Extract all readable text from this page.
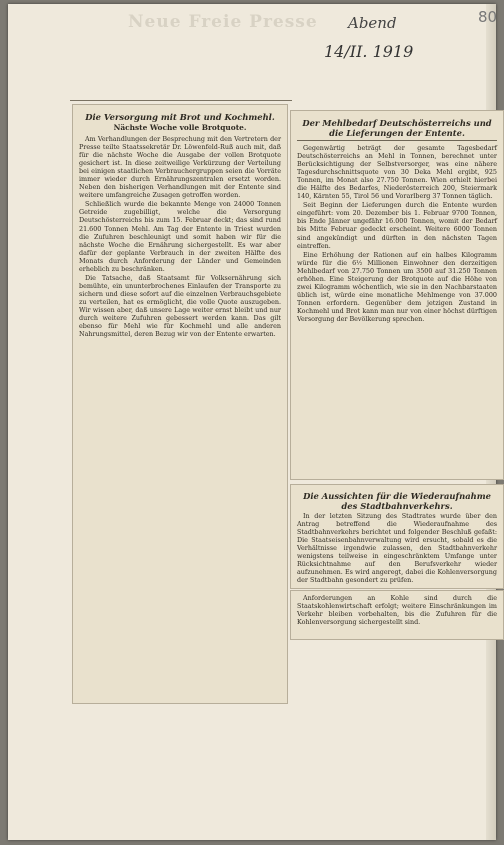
Neue Freie Presse	Abend
14/II. 1919
80
Die Versorgung mit Brot und Kochmehl.
Nächste Woche volle Brotquote.

Am Verhandlungen der Besprechung mit den Vertretern der Presse teilte Staatssekretär Dr. Löwenfeld-Ruß auch mit, daß für die nächste Woche die Ausgabe der vollen Brotquote gesichert ist. In diese zeitweilige Verkürzung der Verteilung bei einigen staatlichen Verbrauchergruppen seien die Vorräte immer wieder durch Ernährungszentralen ersetzt worden. Neben den bisherigen Verhandlungen mit der Entente sind weitere umfangreiche Zusagen getroffen worden.

Schließlich wurde die bekannte Menge von 24000 Tonnen Getreide zugebilligt, welche die Versorgung Deutschösterreichs bis zum 15. Februar deckt; das sind rund 21.600 Tonnen Mehl. Am Tag der Entente in Triest wurden die Zufuhren beschleunigt und somit haben wir für die nächste Woche die Ernährung sichergestellt. Es war aber dafür der geplante Verbrauch in der zweiten Hälfte des Monats durch Anforderung der Länder und Gemeinden erheblich zu beschränken.

Die Tatsache, daß Staatsamt für Volksernährung sich bemühte, ein ununterbrochenes Einlaufen der Transporte zu sichern und diese sofort auf die einzelnen Verbrauchsgebiete zu verteilen, hat es ermöglicht, die volle Quote auszugeben. Wir wissen aber, daß unsere Lage weiter ernst bleibt und nur durch weitere Zufuhren gebessert werden kann. Das gilt ebenso für Mehl wie für Kochmehl und alle anderen Nahrungsmittel, deren Bezug wir von der Entente erwarten.

Der Mehlbedarf Deutschösterreichs und die Lieferungen der Entente.

Gegenwärtig beträgt der gesamte Tagesbedarf Deutschösterreichs an Mehl in Tonnen, berechnet unter Berücksichtigung der Selbstversorger, was eine nähere Tagesdurchschnittsquote von 30 Deka Mehl ergibt, 925 Tonnen, im Monat also 27.750 Tonnen. Wien erhielt hierbei die Hälfte des Bedarfes, Niederösterreich 200, Steiermark 140, Kärnten 55, Tirol 56 und Vorarlberg 37 Tonnen täglich.

Seit Beginn der Lieferungen durch die Entente wurden eingeführt: vom 20. Dezember bis 1. Februar 9700 Tonnen, bis Ende Jänner ungefähr 16.000 Tonnen, womit der Bedarf bis Mitte Februar gedeckt erscheint. Weitere 6000 Tonnen sind angekündigt und dürften in den nächsten Tagen eintreffen.

Eine Erhöhung der Rationen auf ein halbes Kilogramm würde für die 6½ Millionen Einwohner den derzeitigen Mehlbedarf von 27.750 Tonnen um 3500 auf 31.250 Tonnen erhöhen. Eine Steigerung der Brotquote auf die Höhe von zwei Kilogramm wöchentlich, wie sie in den Nachbarstaaten üblich ist, würde eine monatliche Mehlmenge von 37.000 Tonnen erfordern. Gegenüber dem jetzigen Zustand in Kochmehl und Brot kann man nur von einer höchst dürftigen Versorgung der Bevölkerung sprechen.

Die Aussichten für die Wiederaufnahme des Stadtbahnverkehrs.

In der letzten Sitzung des Stadtrates wurde über den Antrag betreffend die Wiederaufnahme des Stadtbahnverkehrs berichtet und folgender Beschluß gefaßt: Die Staatseisenbahnverwaltung wird ersucht, sobald es die Verhältnisse irgendwie zulassen, den Stadtbahnverkehr wenigstens teilweise in eingeschränktem Umfange unter Rücksichtnahme auf den Berufsverkehr wieder aufzunehmen. Es wird angeregt, dabei die Kohlenversorgung der Stadtbahn gesondert zu prüfen.

Anforderungen an Kohle sind durch die Staatskohlenwirtschaft erfolgt; weitere Einschränkungen im Verkehr bleiben vorbehalten, bis die Zufuhren für die Kohlenversorgung sichergestellt sind.
